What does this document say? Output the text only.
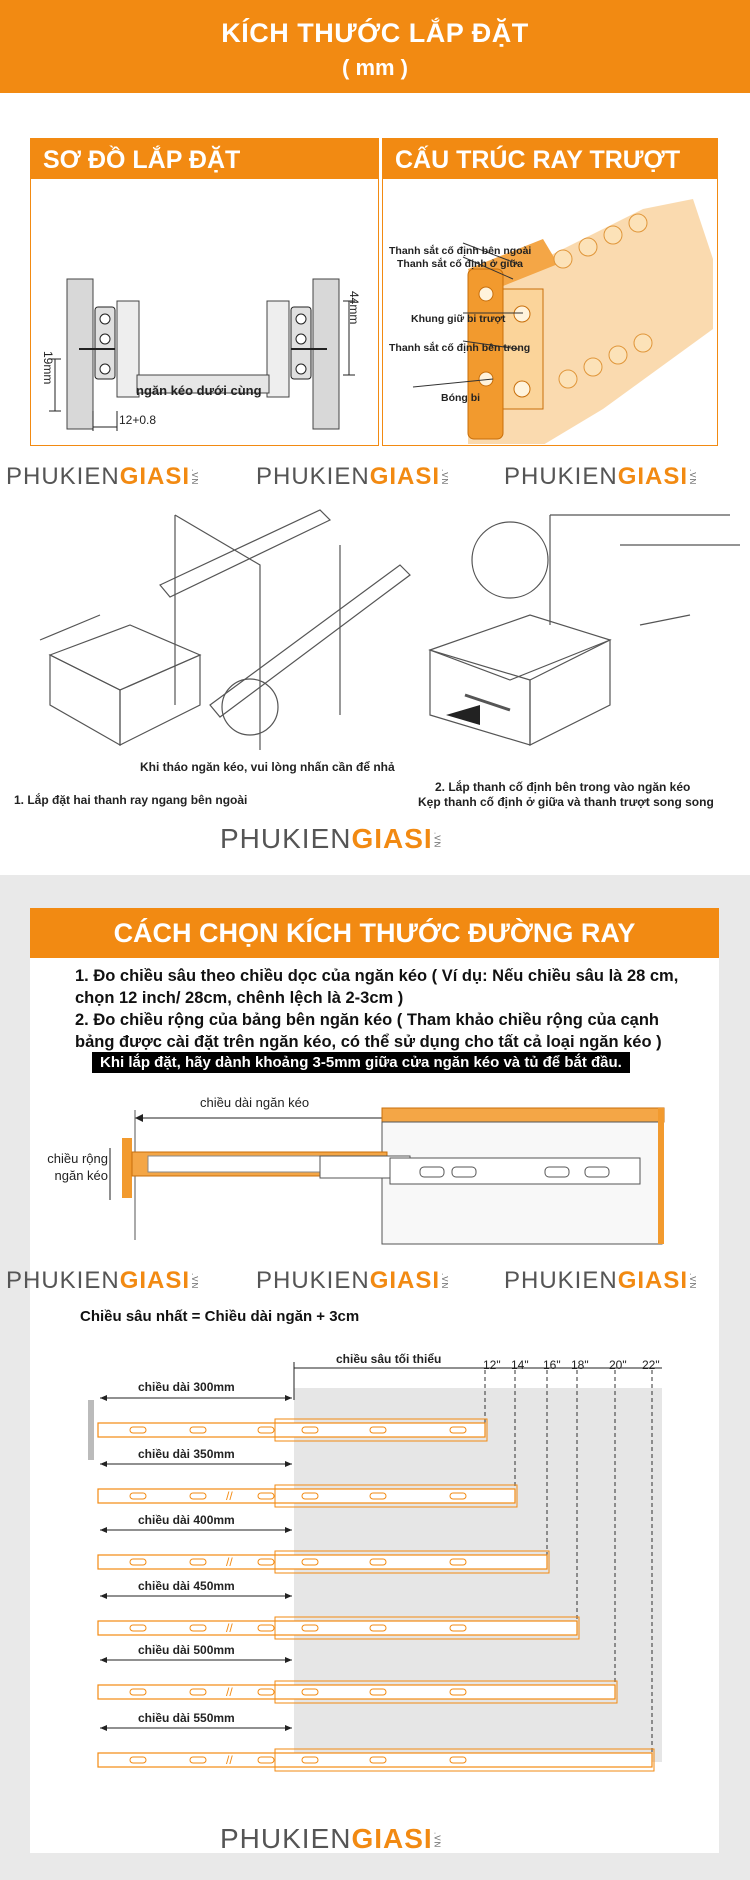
KÍCH THƯỚC LẮP ĐẶT
( mm )
SƠ ĐỒ LẮP ĐẶT
19mm
44mm
ngăn kéo dưới cùng
12+0.8
CẤU TRÚC RAY TRƯỢT
Thanh sắt cố định bên ngoài
Thanh sắt cố định ở giữa
Khung giữ bi trượt
Thanh sắt cố định bên trong
Bóng bi
PHUKIENGIASI.VN PHUKIENGIASI.VN PHUKIENGIASI.VN
Khi tháo ngăn kéo, vui lòng nhấn cần để nhả
1. Lắp đặt hai thanh ray ngang bên ngoài
2. Lắp thanh cố định bên trong vào ngăn kéo
Kẹp thanh cố định ở giữa và thanh trượt song song
PHUKIENGIASI.VN
CÁCH CHỌN KÍCH THƯỚC ĐƯỜNG RAY
1. Đo chiều sâu theo chiều dọc của ngăn kéo ( Ví dụ: Nếu chiều sâu là 28 cm, chọn 12 inch/ 28cm, chênh lệch là 2-3cm )
2. Đo chiều rộng của bảng bên ngăn kéo ( Tham khảo chiều rộng của cạnh bảng được cài đặt trên ngăn kéo, có thể sử dụng cho tất cả loại ngăn kéo )
Khi lắp đặt, hãy dành khoảng 3-5mm giữa cửa ngăn kéo và tủ để bắt đầu.
chiều dài ngăn kéo
chiều rộng ngăn kéo
PHUKIENGIASI.VN PHUKIENGIASI.VN PHUKIENGIASI.VN
Chiều sâu nhất = Chiều dài ngăn + 3cm
//
//
//
//
//
chiều sâu tối thiểu	12" 14" 16" 18" 20" 22"
chiều dài 300mm
chiều dài 350mm
chiều dài 400mm
chiều dài 450mm
chiều dài 500mm
chiều dài 550mm
PHUKIENGIASI.VN
